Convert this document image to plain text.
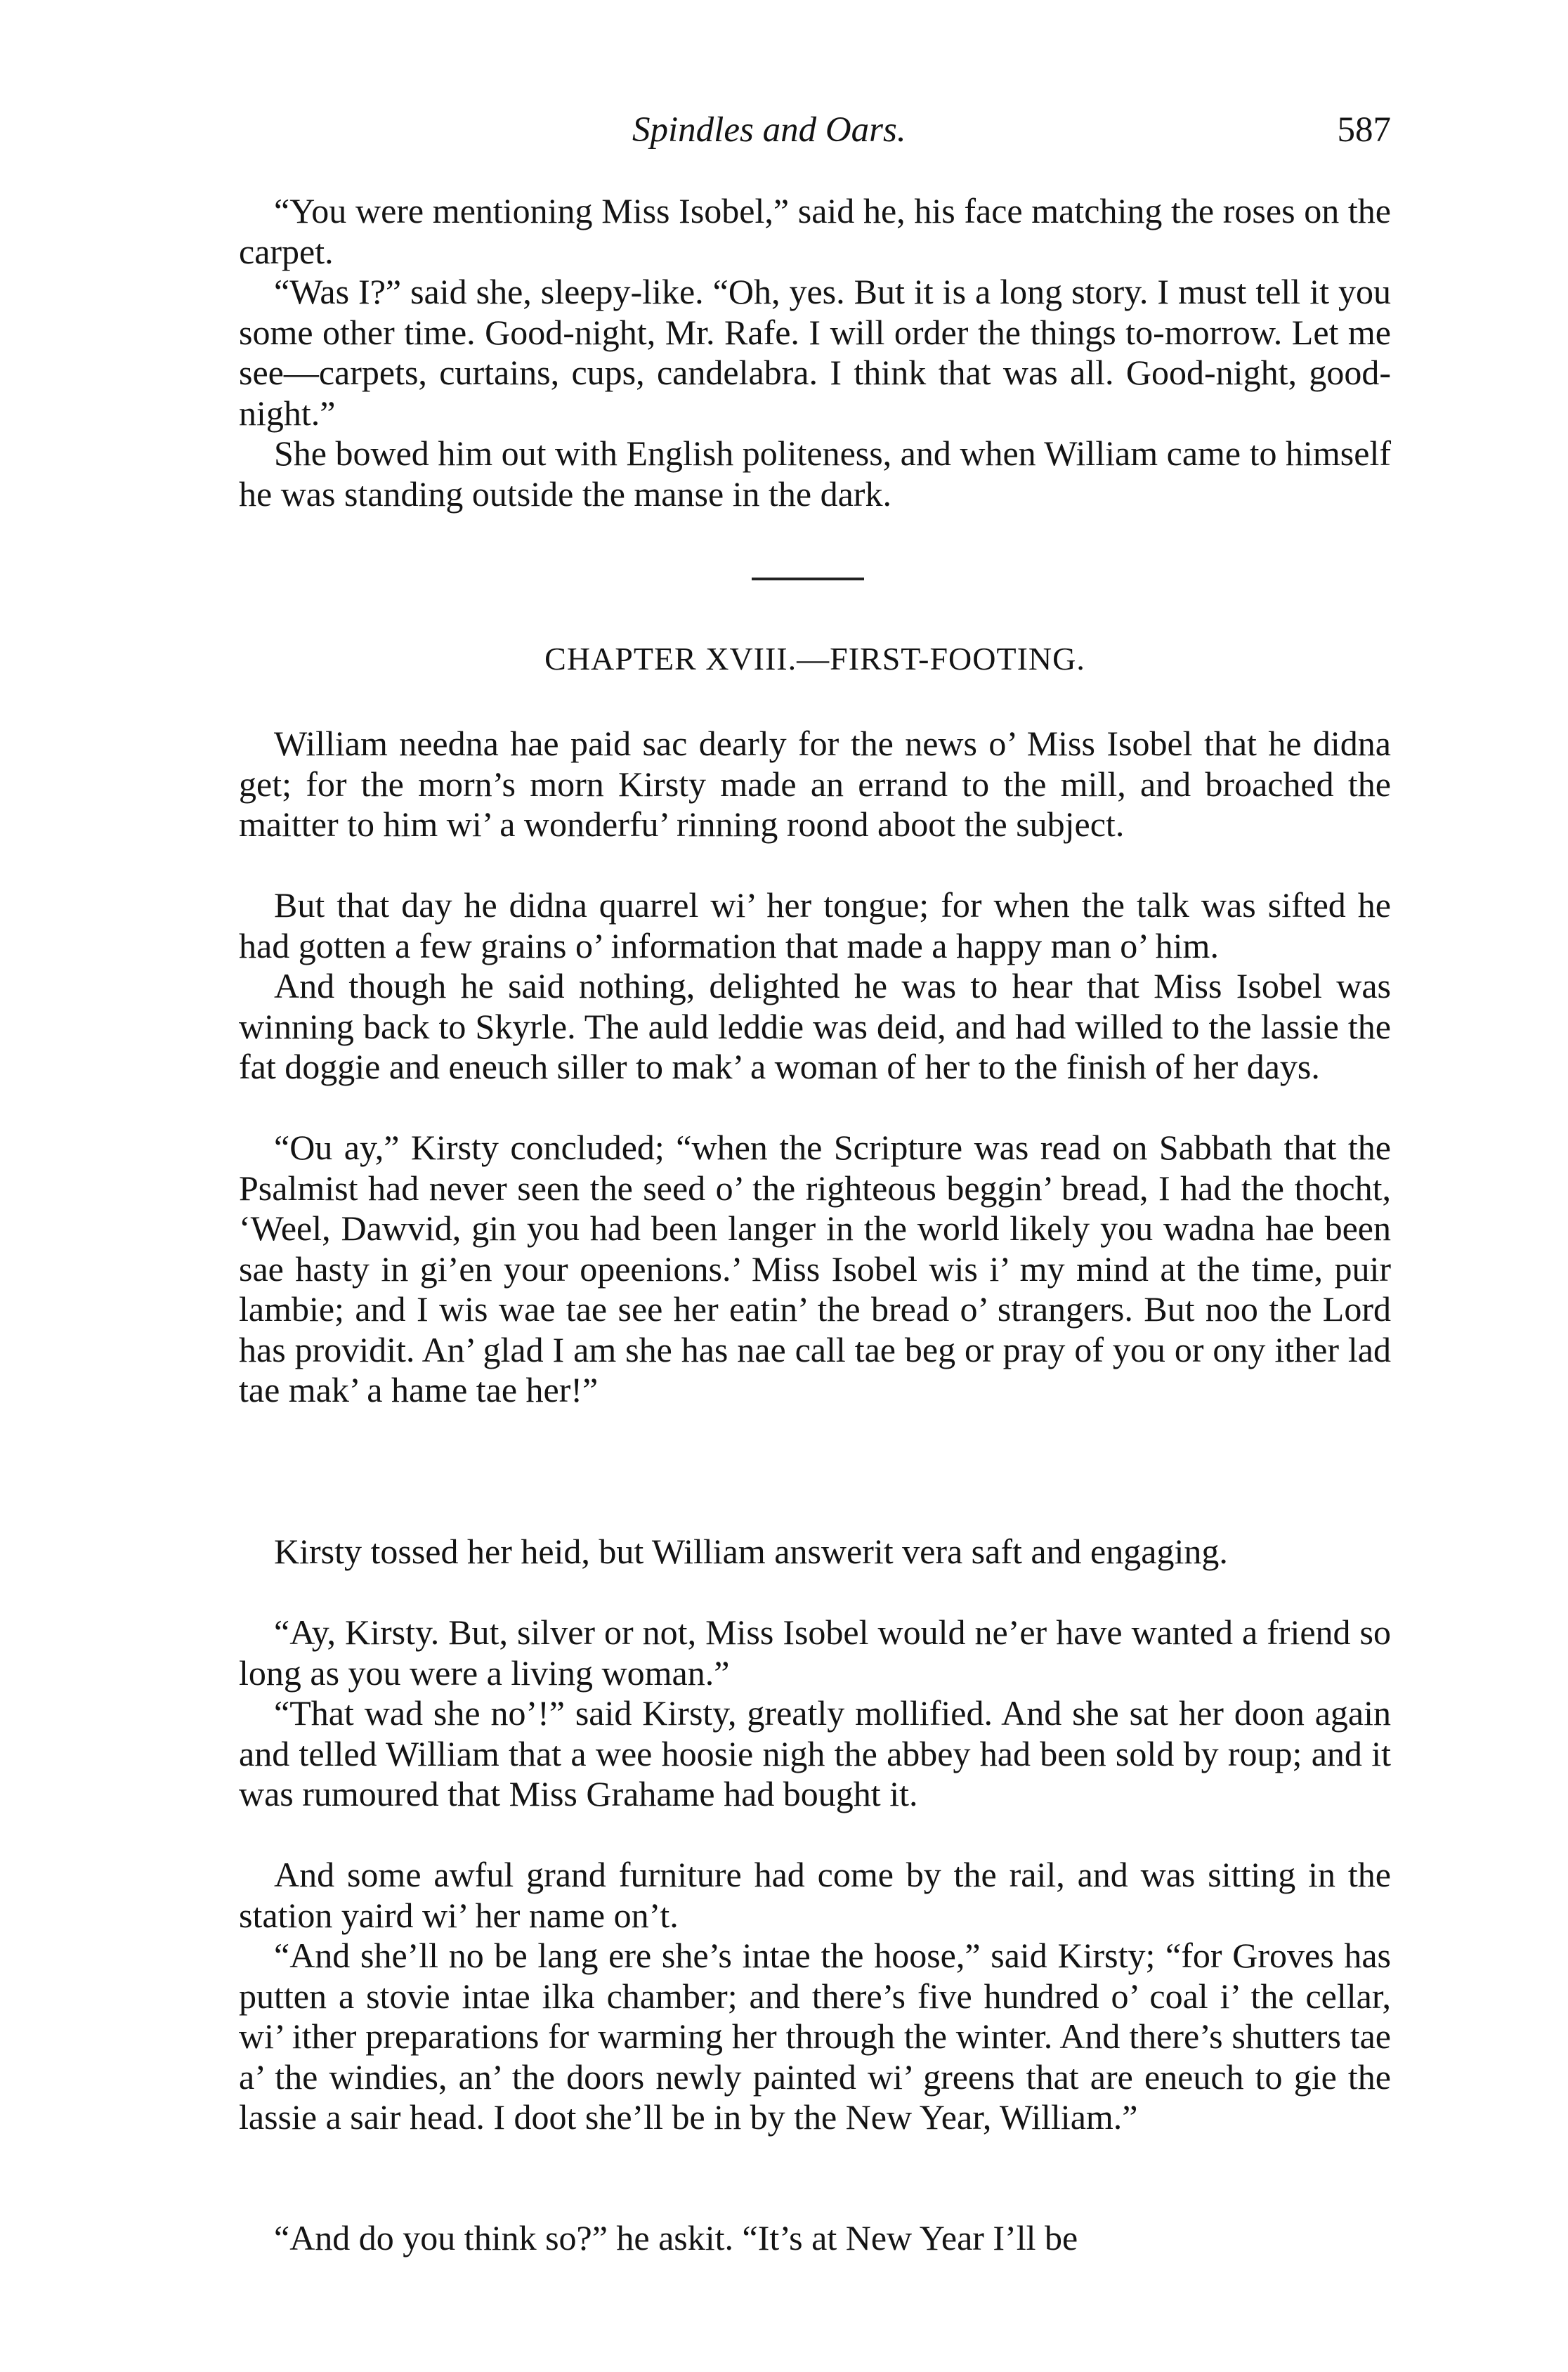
Spindles and Oars.	587

“You were mentioning Miss Isobel,” said he, his face matching the roses on the carpet.

“Was I?” said she, sleepy-like. “Oh, yes. But it is a long story. I must tell it you some other time. Good-night, Mr. Rafe. I will order the things to-morrow. Let me see—carpets, curtains, cups, candelabra. I think that was all. Good-night, good-night.”

She bowed him out with English politeness, and when William came to himself he was standing outside the manse in the dark.

CHAPTER XVIII.—FIRST-FOOTING.

William needna hae paid sac dearly for the news o’ Miss Isobel that he didna get; for the morn’s morn Kirsty made an errand to the mill, and broached the maitter to him wi’ a wonderfu’ rinning roond aboot the subject.

But that day he didna quarrel wi’ her tongue; for when the talk was sifted he had gotten a few grains o’ information that made a happy man o’ him.

And though he said nothing, delighted he was to hear that Miss Isobel was winning back to Skyrle. The auld leddie was deid, and had willed to the lassie the fat doggie and eneuch siller to mak’ a woman of her to the finish of her days.

“Ou ay,” Kirsty concluded; “when the Scripture was read on Sabbath that the Psalmist had never seen the seed o’ the righteous beggin’ bread, I had the thocht, ‘Weel, Dawvid, gin you had been langer in the world likely you wadna hae been sae hasty in gi’en your opeenions.’ Miss Isobel wis i’ my mind at the time, puir lambie; and I wis wae tae see her eatin’ the bread o’ strangers. But noo the Lord has providit. An’ glad I am she has nae call tae beg or pray of you or ony ither lad tae mak’ a hame tae her!”

Kirsty tossed her heid, but William answerit vera saft and engaging.

“Ay, Kirsty. But, silver or not, Miss Isobel would ne’er have wanted a friend so long as you were a living woman.”

“That wad she no’!” said Kirsty, greatly mollified. And she sat her doon again and telled William that a wee hoosie nigh the abbey had been sold by roup; and it was rumoured that Miss Grahame had bought it.

And some awful grand furniture had come by the rail, and was sitting in the station yaird wi’ her name on’t.

“And she’ll no be lang ere she’s intae the hoose,” said Kirsty; “for Groves has putten a stovie intae ilka chamber; and there’s five hundred o’ coal i’ the cellar, wi’ ither preparations for warming her through the winter. And there’s shutters tae a’ the windies, an’ the doors newly painted wi’ greens that are eneuch to gie the lassie a sair head. I doot she’ll be in by the New Year, William.”

“And do you think so?” he askit. “It’s at New Year I’ll be
